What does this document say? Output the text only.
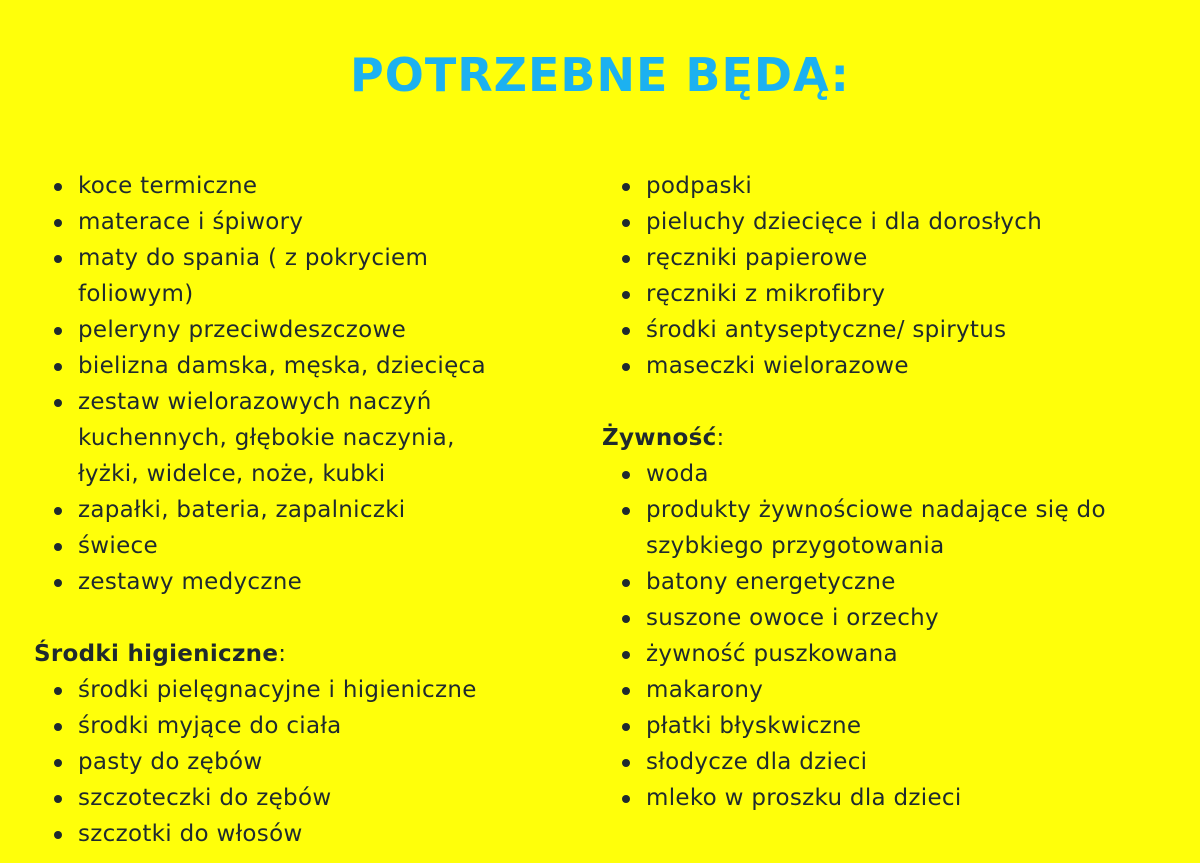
POTRZEBNE BĘDĄ:
koce termiczne
materace i śpiwory
maty do spania ( z pokryciem foliowym)
peleryny przeciwdeszczowe
bielizna damska, męska, dziecięca
zestaw wielorazowych naczyń kuchennych, głębokie naczynia, łyżki, widelce, noże, kubki
zapałki, bateria, zapalniczki
świece
zestawy medyczne
Środki higieniczne:
środki pielęgnacyjne i higieniczne
środki myjące do ciała
pasty do zębów
szczoteczki do zębów
szczotki do włosów
podpaski
pieluchy dziecięce i dla dorosłych
ręczniki papierowe
ręczniki z mikrofibry
środki antyseptyczne/ spirytus
maseczki wielorazowe
Żywność:
woda
produkty żywnościowe nadające się do szybkiego przygotowania
batony energetyczne
suszone owoce i orzechy
żywność puszkowana
makarony
płatki błyskwiczne
słodycze dla dzieci
mleko w proszku dla dzieci
